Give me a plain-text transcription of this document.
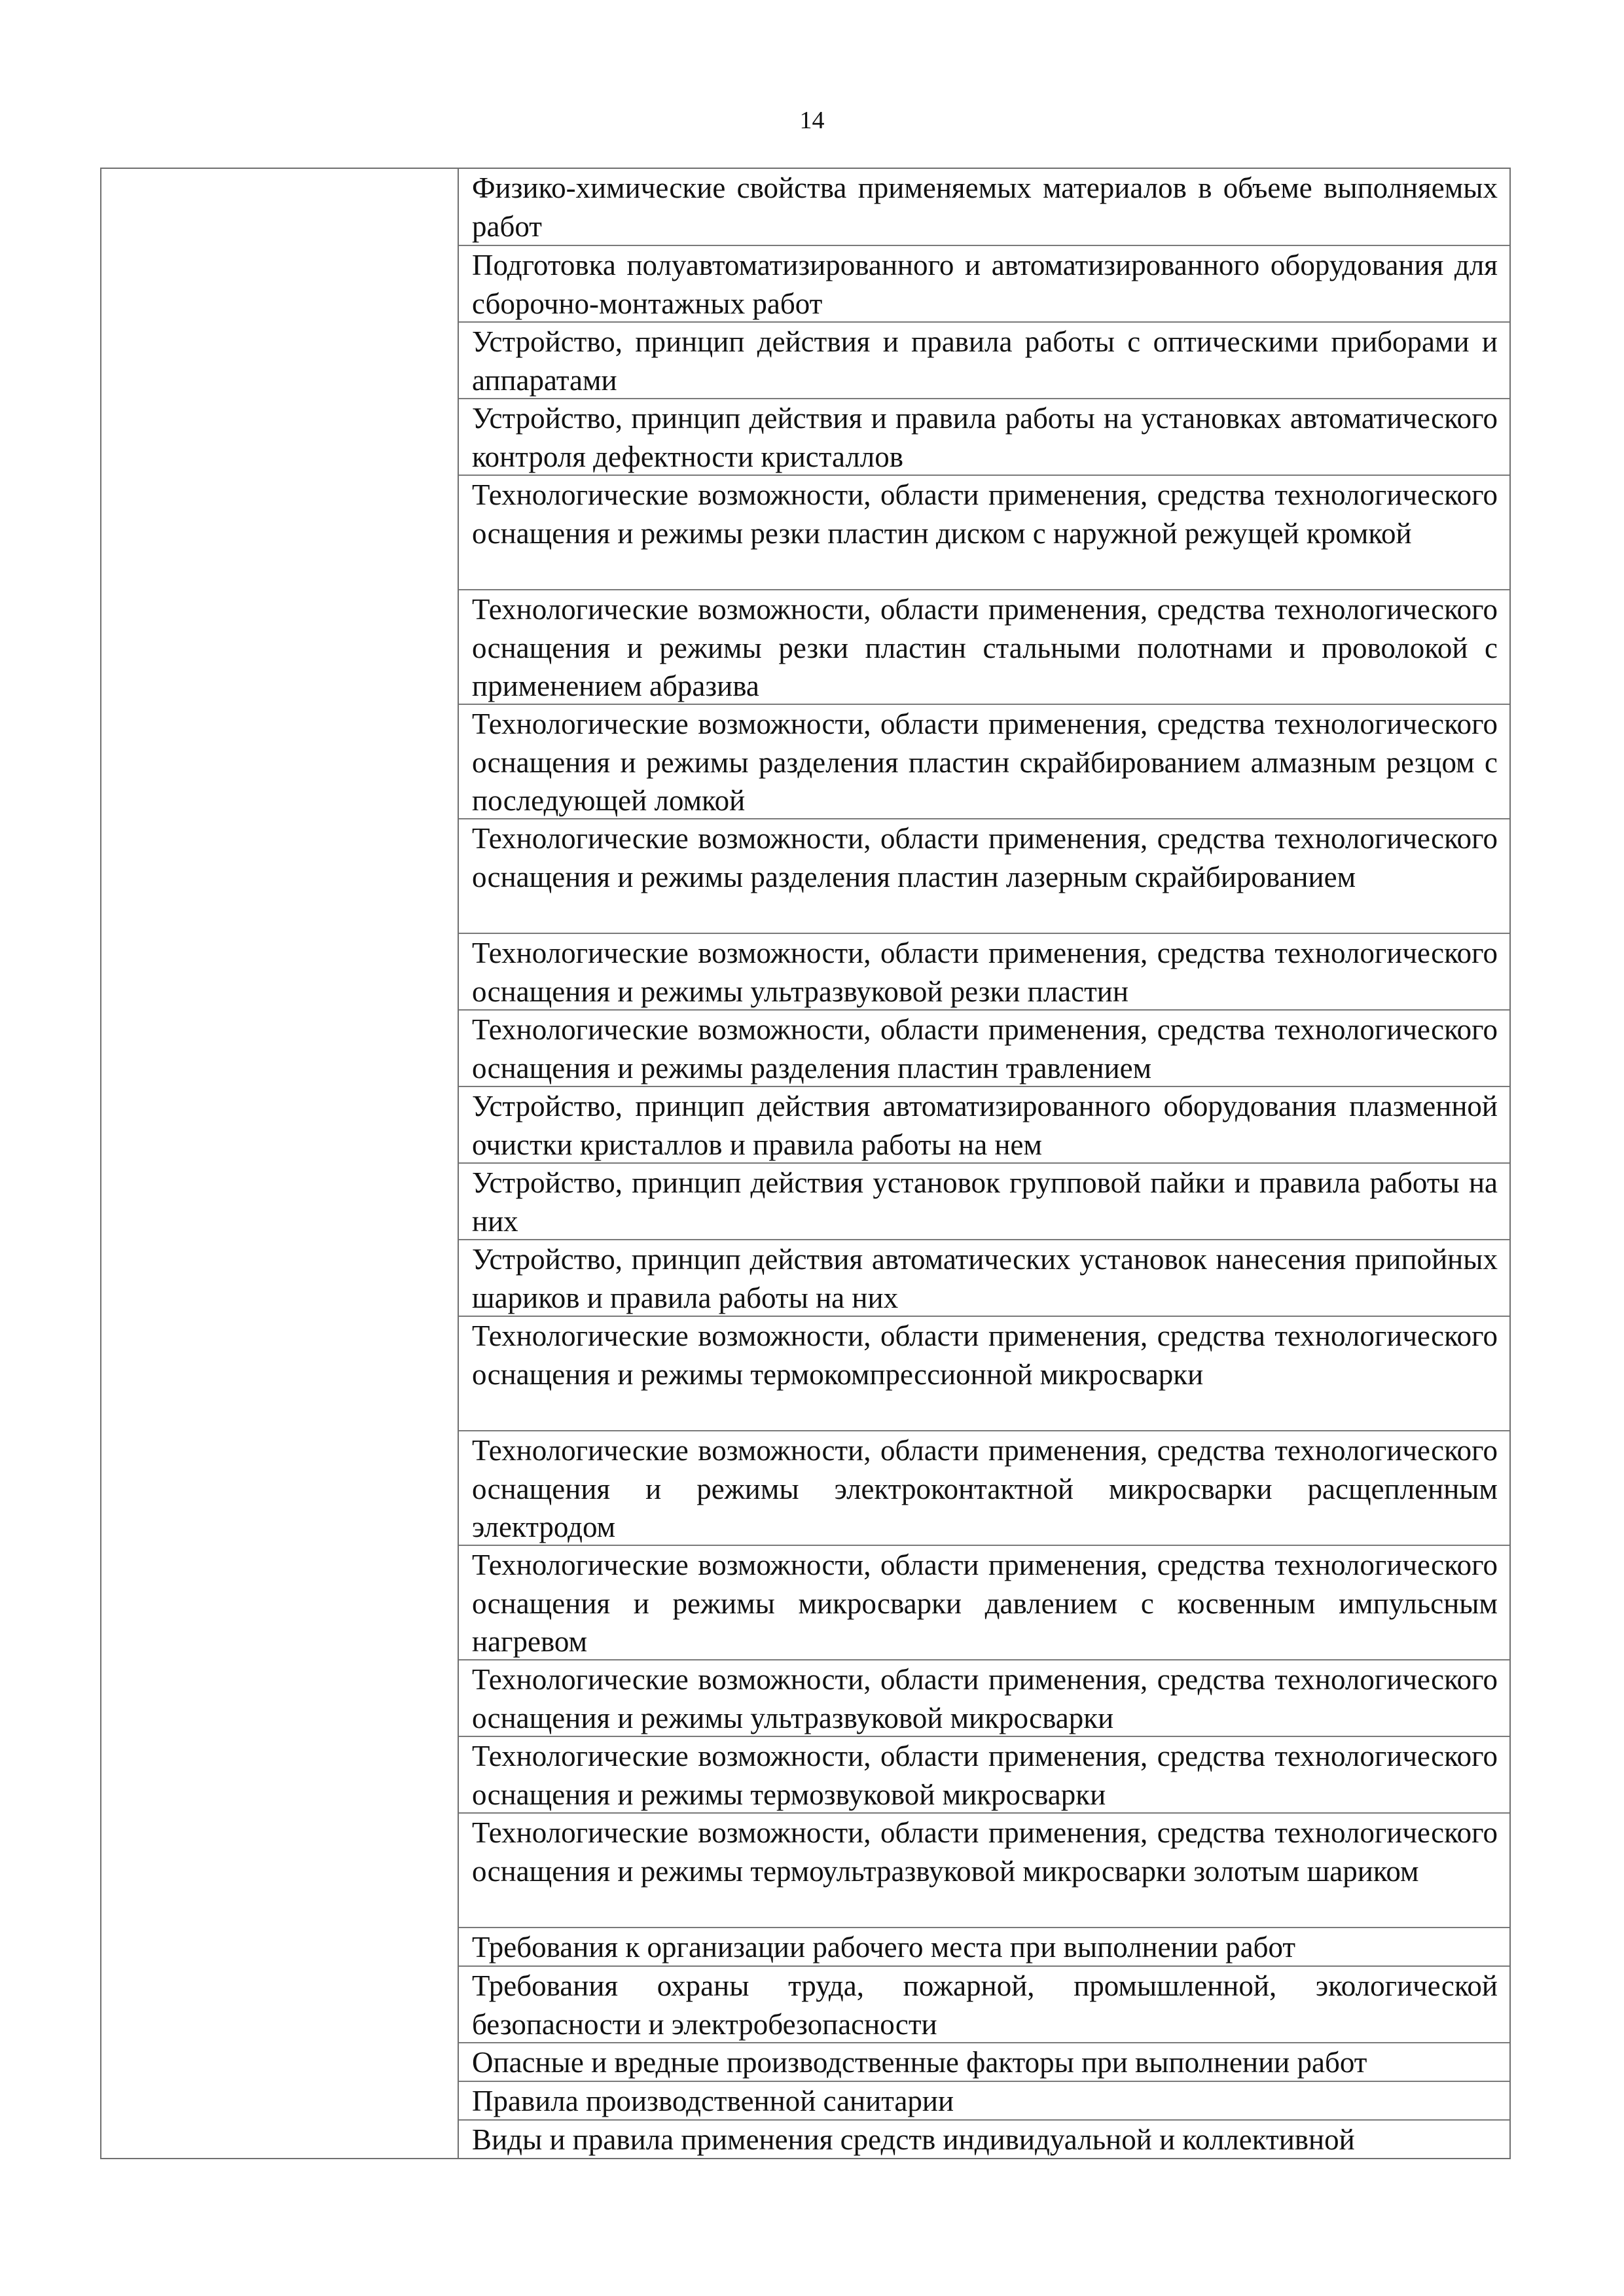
14
Физико-химические свойства применяемых материалов в объеме выполняемых работ
Подготовка полуавтоматизированного и автоматизированного оборудования для сборочно-монтажных работ
Устройство, принцип действия и правила работы с оптическими приборами и аппаратами
Устройство, принцип действия и правила работы на установках автоматического контроля дефектности кристаллов
Технологические возможности, области применения, средства технологического оснащения и режимы резки пластин диском с наружной режущей кромкой
Технологические возможности, области применения, средства технологического оснащения и режимы резки пластин стальными полотнами и проволокой с применением абразива
Технологические возможности, области применения, средства технологического оснащения и режимы разделения пластин скрайбированием алмазным резцом с последующей ломкой
Технологические возможности, области применения, средства технологического оснащения и режимы разделения пластин лазерным скрайбированием
Технологические возможности, области применения, средства технологического оснащения и режимы ультразвуковой резки пластин
Технологические возможности, области применения, средства технологического оснащения и режимы разделения пластин травлением
Устройство, принцип действия автоматизированного оборудования плазменной очистки кристаллов и правила работы на нем
Устройство, принцип действия установок групповой пайки и правила работы на них
Устройство, принцип действия автоматических установок нанесения припойных шариков и правила работы на них
Технологические возможности, области применения, средства технологического оснащения и режимы термокомпрессионной микросварки
Технологические возможности, области применения, средства технологического оснащения и режимы электроконтактной микросварки расщепленным электродом
Технологические возможности, области применения, средства технологического оснащения и режимы микросварки давлением с косвенным импульсным нагревом
Технологические возможности, области применения, средства технологического оснащения и режимы ультразвуковой микросварки
Технологические возможности, области применения, средства технологического оснащения и режимы термозвуковой микросварки
Технологические возможности, области применения, средства технологического оснащения и режимы термоультразвуковой микросварки золотым шариком
Требования к организации рабочего места при выполнении работ
Требования охраны труда, пожарной, промышленной, экологической безопасности и электробезопасности
Опасные и вредные производственные факторы при выполнении работ
Правила производственной санитарии
Виды и правила применения средств индивидуальной и коллективной
